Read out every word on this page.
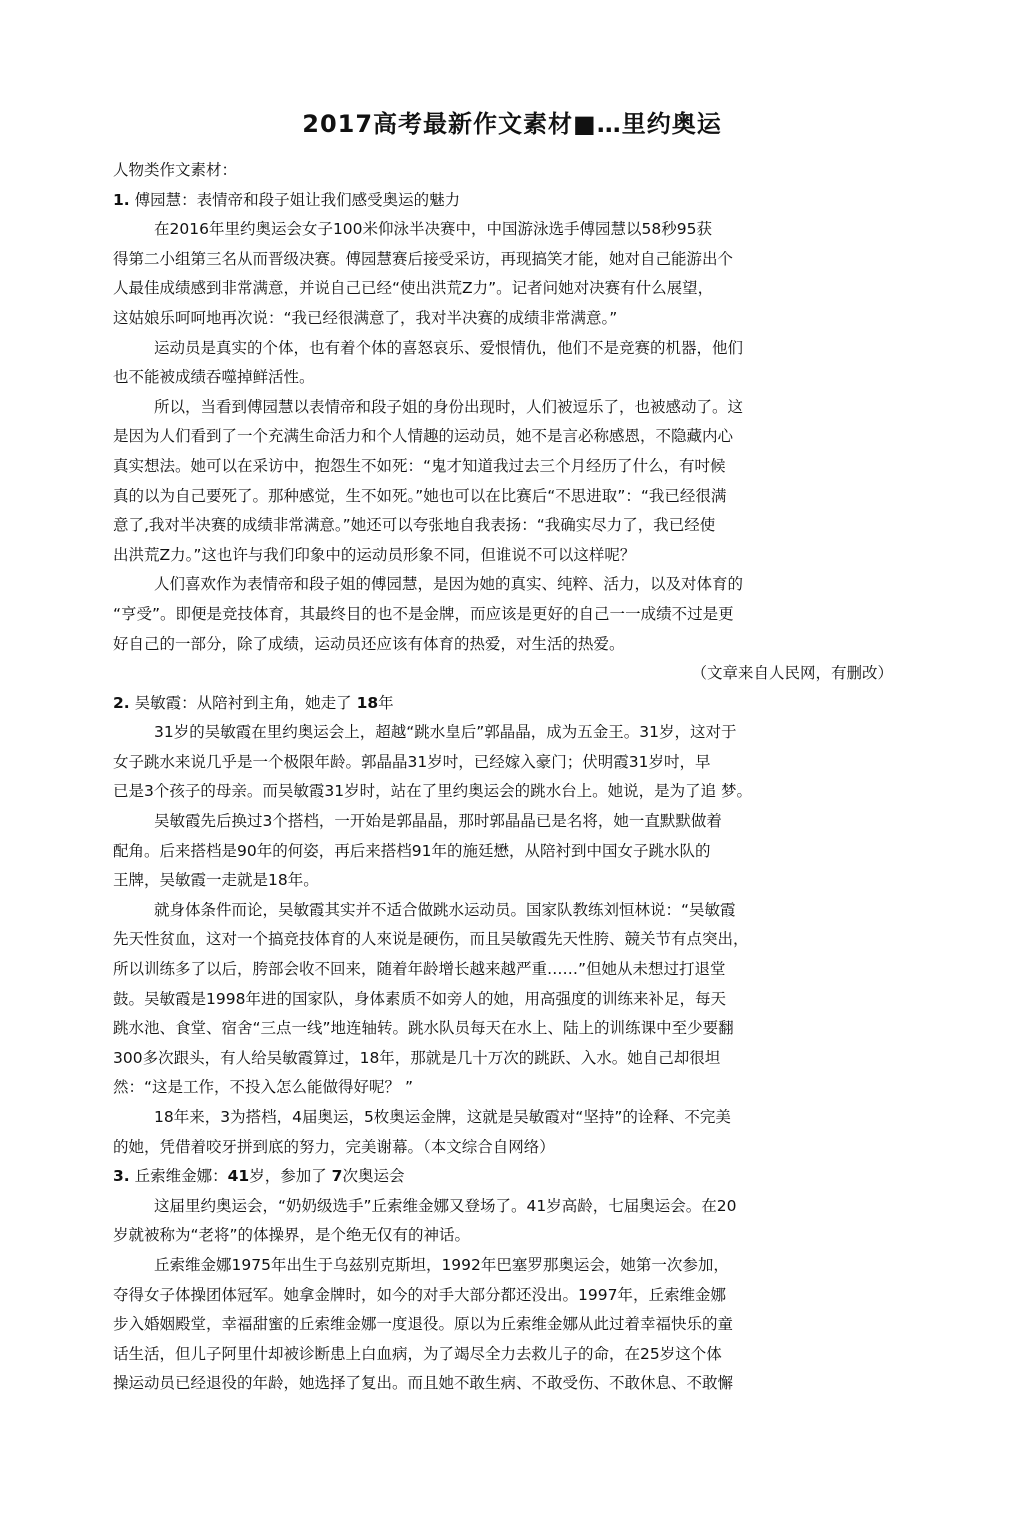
2017高考最新作文素材■…里约奥运
人物类作文素材：
1. 傅园慧：表情帝和段子姐让我们感受奥运的魅力
在2016年里约奥运会女子100米仰泳半决赛中，中国游泳选手傅园慧以58秒95获
得第二小组第三名从而晋级决赛。傅园慧赛后接受采访，再现搞笑才能，她对自己能游出个
人最佳成绩感到非常满意，并说自己已经“使出洪荒Z力”。记者问她对决赛有什么展望，
这姑娘乐呵呵地再次说：“我已经很满意了，我对半决赛的成绩非常满意。”
运动员是真实的个体，也有着个体的喜怒哀乐、爱恨情仇，他们不是竞赛的机器，他们
也不能被成绩吞噬掉鲜活性。
所以，当看到傅园慧以表情帝和段子姐的身份出现时，人们被逗乐了，也被感动了。这
是因为人们看到了一个充满生命活力和个人情趣的运动员，她不是言必称感恩，不隐藏内心
真实想法。她可以在采访中，抱怨生不如死：“鬼才知道我过去三个月经历了什么，有吋候
真的以为自己要死了。那种感觉，生不如死。”她也可以在比赛后“不思进取”：“我已经很满
意了,我对半决赛的成绩非常满意。”她还可以夸张地自我表扬：“我确实尽力了，我已经使
出洪荒Z力。”这也许与我们印象中的运动员形象不同，但谁说不可以这样呢？
人们喜欢作为表情帝和段子姐的傅园慧，是因为她的真实、纯粹、活力，以及对体育的
“亨受”。即便是竞技体育，其最终目的也不是金牌，而应该是更好的自己一一成绩不过是更
好自己的一部分，除了成绩，运动员还应该有体育的热爱，对生活的热爱。
（文章来自人民网，有删改）
2. 吴敏霞：从陪衬到主角，她走了 18年
31岁的吴敏霞在里约奥运会上，超越“跳水皇后”郭晶晶，成为五金王。31岁，这对于
女子跳水来说几乎是一个极限年龄。郭晶晶31岁吋，已经嫁入豪门；伏明霞31岁吋，早
已是3个孩子的母亲。而吴敏霞31岁时，站在了里约奥运会的跳水台上。她说，是为了追 梦。
吴敏霞先后换过3个搭档，一开始是郭晶晶，那时郭晶晶已是名将，她一直默默做着
配角。后来搭档是90年的何姿，再后来搭档91年的施廷懋，从陪衬到中国女子跳水队的
王牌，吴敏霞一走就是18年。
就身体条件而论，吴敏霞其实并不适合做跳水运动员。国家队教练刘恒林说：“吴敏霞
先天性贫血，这对一个搞竞技体育的人來说是硬伤，而且吴敏霞先天性胯、競关节有点突出，
所以训练多了以后，胯部会收不回来，随着年龄增长越来越严重……”但她从未想过打退堂
鼓。吴敏霞是1998年进的国家队，身体素质不如旁人的她，用高强度的训练来补足，每天
跳水池、食堂、宿舍“三点一线”地连轴转。跳水队员每天在水上、陆上的训练课中至少要翻
300多次跟头，有人给吴敏霞算过，18年，那就是几十万次的跳跃、入水。她自己却很坦
然：“这是工作，不投入怎么能做得好呢？ ”
18年来，3为搭档，4届奥运，5枚奥运金牌，这就是吴敏霞对“坚持”的诠释、不完美
的她，凭借着咬牙拼到底的努力，完美谢幕。（本文综合自网络）
3. 丘索维金娜：41岁，参加了 7次奥运会
这届里约奥运会，“奶奶级选手”丘索维金娜又登场了。41岁高龄，七届奥运会。在20
岁就被称为“老将”的体操界，是个绝无仅有的神话。
丘索维金娜1975年出生于乌兹别克斯坦，1992年巴塞罗那奥运会，她第一次参加，
夺得女子体操团体冠军。她拿金牌时，如今的对手大部分都还没出。1997年，丘索维金娜
步入婚姻殿堂，幸福甜蜜的丘索维金娜一度退役。原以为丘索维金娜从此过着幸福快乐的童
话生活，但儿子阿里什却被诊断患上白血病，为了竭尽全力去救儿子的命，在25岁这个体
操运动员已经退役的年龄，她选择了复出。而且她不敢生病、不敢受伤、不敢休息、不敢懈
